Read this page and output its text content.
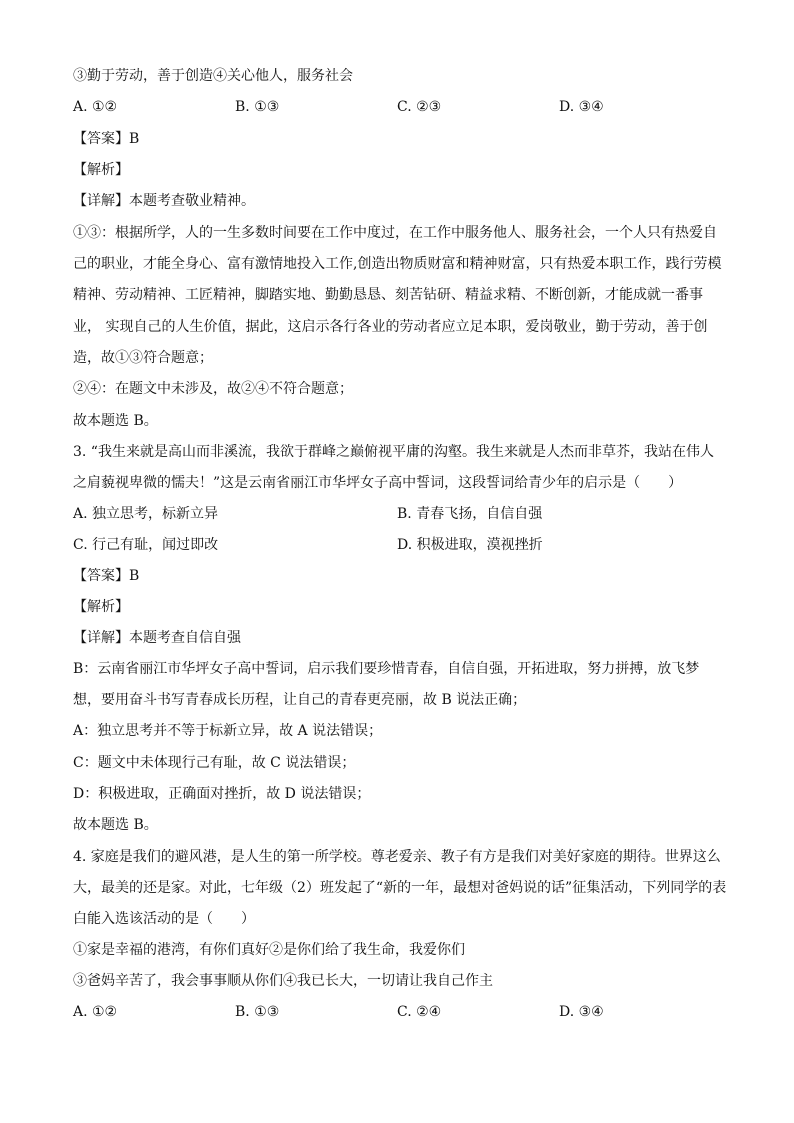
③勤于劳动，善于创造④关心他人，服务社会
A. ①②	B. ①③	C. ②③	D. ③④
【答案】B
【解析】
【详解】本题考查敬业精神。
①③：根据所学，人的一生多数时间要在工作中度过，在工作中服务他人、服务社会，一个人只有热爱自
己的职业，才能全身心、富有激情地投入工作,创造出物质财富和精神财富，只有热爱本职工作，践行劳模
精神、劳动精神、工匠精神，脚踏实地、勤勤恳恳、刻苦钻研、精益求精、不断创新，才能成就一番事
业， 实现自己的人生价值，据此，这启示各行各业的劳动者应立足本职，爱岗敬业，勤于劳动，善于创
造，故①③符合题意；
②④：在题文中未涉及，故②④不符合题意；
故本题选 B。
3. “我生来就是高山而非溪流，我欲于群峰之巅俯视平庸的沟壑。我生来就是人杰而非草芥，我站在伟人
之肩藐视卑微的懦夫！”这是云南省丽江市华坪女子高中誓词，这段誓词给青少年的启示是（　　）
A. 独立思考，标新立异	B. 青春飞扬，自信自强
C. 行己有耻，闻过即改	D. 积极进取，漠视挫折
【答案】B
【解析】
【详解】本题考查自信自强
B：云南省丽江市华坪女子高中誓词，启示我们要珍惜青春，自信自强，开拓进取，努力拼搏，放飞梦
想，要用奋斗书写青春成长历程，让自己的青春更亮丽，故 B 说法正确；
A：独立思考并不等于标新立异，故 A 说法错误；
C：题文中未体现行己有耻，故 C 说法错误；
D：积极进取，正确面对挫折，故 D 说法错误；
故本题选 B。
4. 家庭是我们的避风港，是人生的第一所学校。尊老爱亲、教子有方是我们对美好家庭的期待。世界这么
大，最美的还是家。对此，七年级（2）班发起了“新的一年，最想对爸妈说的话”征集活动，下列同学的表
白能入选该活动的是（　　）
①家是幸福的港湾，有你们真好②是你们给了我生命，我爱你们
③爸妈辛苦了，我会事事顺从你们④我已长大，一切请让我自己作主
A. ①②	B. ①③	C. ②④	D. ③④
